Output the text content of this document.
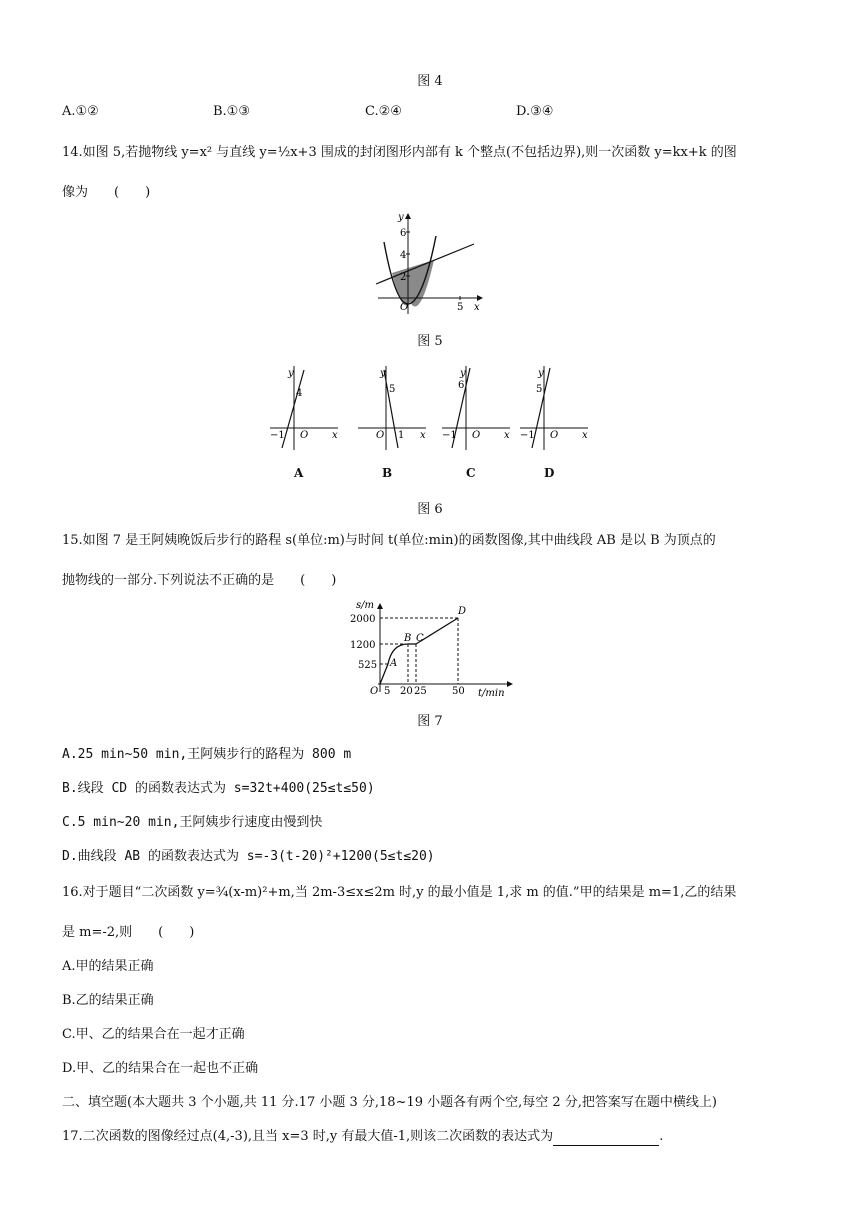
图 4
A.①②	B.①③	C.②④	D.③④
14.如图 5,若抛物线 y=x² 与直线 y=½x+3 围成的封闭图形内部有 k 个整点(不包括边界),则一次函数 y=kx+k 的图
像为　　(　　)
6
4
2
5
O	x
y
图 5
y
x
O
−1
4
A
y
x
O 1
5
B
y
x
O
−1
6
C
y
x
O
−1
5
D
图 6
15.如图 7 是王阿姨晚饭后步行的路程 s(单位:m)与时间 t(单位:min)的函数图像,其中曲线段 AB 是以 B 为顶点的
抛物线的一部分.下列说法不正确的是　　(　　)
s/m
t/min
O
2000
1200
525
5 20 25	50
A
B C
D
图 7
A.25 min~50 min,王阿姨步行的路程为 800 m
B.线段 CD 的函数表达式为 s=32t+400(25≤t≤50)
C.5 min~20 min,王阿姨步行速度由慢到快
D.曲线段 AB 的函数表达式为 s=-3(t-20)²+1200(5≤t≤20)
16.对于题目“二次函数 y=¾(x-m)²+m,当 2m-3≤x≤2m 时,y 的最小值是 1,求 m 的值.”甲的结果是 m=1,乙的结果
是 m=-2,则　　(　　)
A.甲的结果正确
B.乙的结果正确
C.甲、乙的结果合在一起才正确
D.甲、乙的结果合在一起也不正确
二、填空题(本大题共 3 个小题,共 11 分.17 小题 3 分,18~19 小题各有两个空,每空 2 分,把答案写在题中横线上)
17.二次函数的图像经过点(4,-3),且当 x=3 时,y 有最大值-1,则该二次函数的表达式为	.
